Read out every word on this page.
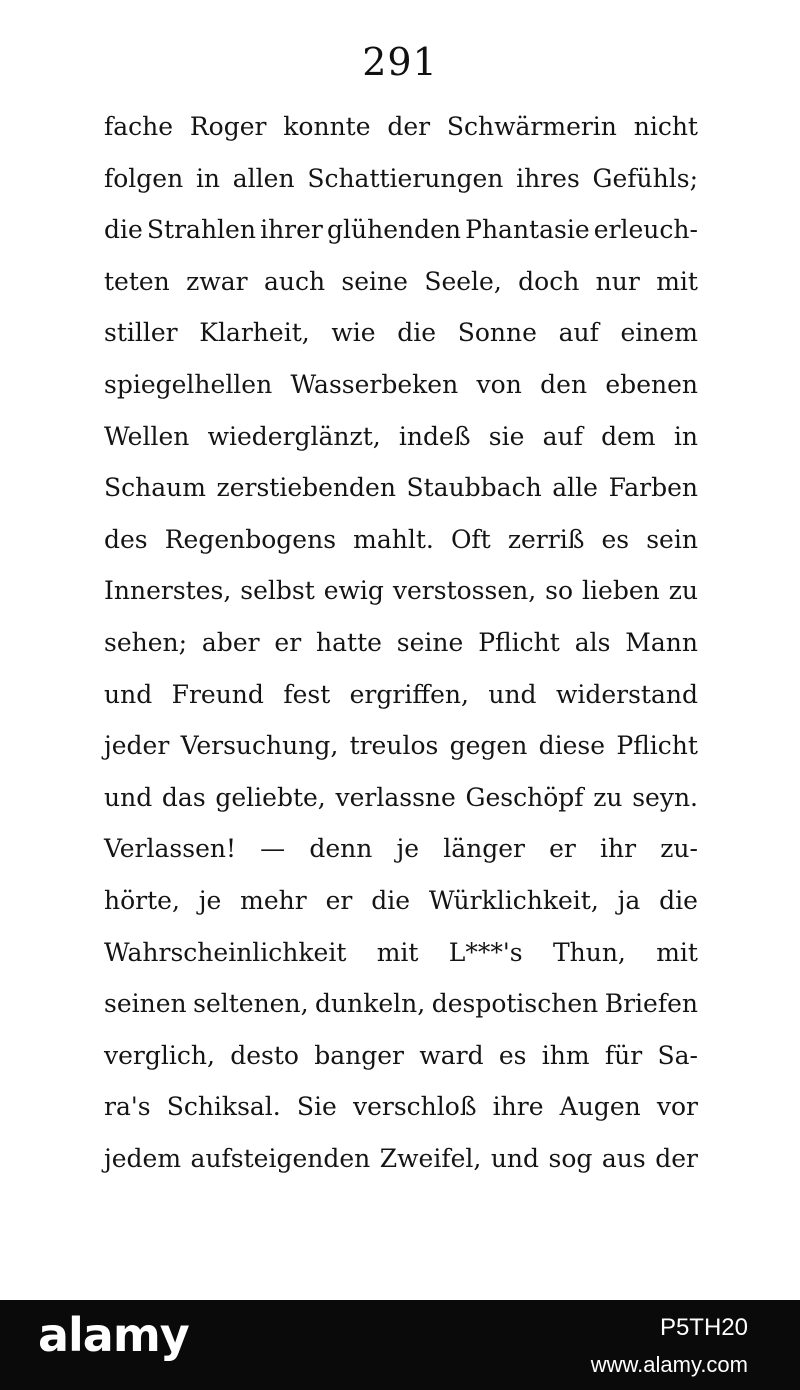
291
fache Roger konnte der Schwärmerin nicht
folgen in allen Schattierungen ihres Gefühls;
die Strahlen ihrer glühenden Phantasie erleuch-
teten zwar auch seine Seele, doch nur mit
stiller Klarheit, wie die Sonne auf einem
spiegelhellen Wasserbeken von den ebenen
Wellen wiederglänzt, indeß sie auf dem in
Schaum zerstiebenden Staubbach alle Farben
des Regenbogens mahlt. Oft zerriß es sein
Innerstes, selbst ewig verstossen, so lieben zu
sehen; aber er hatte seine Pflicht als Mann
und Freund fest ergriffen, und widerstand
jeder Versuchung, treulos gegen diese Pflicht
und das geliebte, verlassne Geschöpf zu seyn.
Verlassen! — denn je länger er ihr zu-
hörte, je mehr er die Würklichkeit, ja die
Wahrscheinlichkeit mit L***'s Thun, mit
seinen seltenen, dunkeln, despotischen Briefen
verglich, desto banger ward es ihm für Sa-
ra's Schiksal. Sie verschloß ihre Augen vor
jedem aufsteigenden Zweifel, und sog aus der
alamy	P5TH20
www.alamy.com
